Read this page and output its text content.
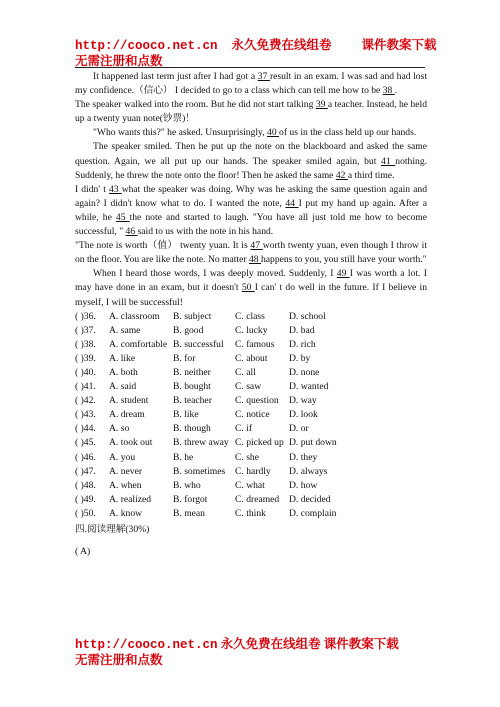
http://cooco.net.cn 永久免费在线组卷 课件教案下载
无需注册和点数

It happened last term just after I had got a 37 result in an exam. I was sad and had lost my confidence.（信心） I decided to go to a class which can tell me how to be 38 .

The speaker walked into the room. But he did not start talking 39 a teacher. Instead, he held up a twenty yuan note(钞票)！

"Who wants this?" he asked. Unsurprisingly, 40 of us in the class held up our hands.

The speaker smiled. Then he put up the note on the blackboard and asked the same question. Again, we all put up our hands. The speaker smiled again, but 41 nothing. Suddenly, he threw the note onto the floor! Then he asked the same 42 a third time.

I didn' t 43 what the speaker was doing. Why was he asking the same question again and again? I didn't know what to do. I wanted the note, 44 I put my hand up again. After a while, he 45 the note and started to laugh. "You have all just told me how to become successful, " 46 said to us with the note in his hand.

"The note is worth（值） twenty yuan. It is 47 worth twenty yuan, even though I throw it on the floor. You are like the note. No matter 48 happens to you, you still have your worth."

When I heard those words, I was deeply moved. Suddenly, I 49 I was worth a lot. I may have done in an exam, but it doesn't 50 I can' t do well in the future. If I believe in myself, I will be successful!

( )36.	A. classroom	B. subject	C. class	D. school
( )37.	A. same	B. good	C. lucky	D. bad
( )38.	A. comfortable B. successful	C. famous	D. rich
( )39.	A. like	B. for	C. about	D. by
( )40.	A. both	B. neither	C. all	D. none
( )41.	A. said	B. bought	C. saw	D. wanted
( )42.	A. student	B. teacher	C. question	D. way
( )43.	A. dream	B. like	C. notice	D. look
( )44.	A. so	B. though	C. if	D. or
( )45.	A. took out	B. threw away C. picked up D. put down
( )46.	A. you	B. he	C. she	D. they
( )47.	A. never	B. sometimes	C. hardly	D. always
( )48.	A. when	B. who	C. what	D. how
( )49.	A. realized	B. forgot	C. dreamed	D. decided
( )50.	A. know	B. mean	C. think	D. complain

四.阅读理解(30%)

( A)

http://cooco.net.cn 永久免费在线组卷 课件教案下载
无需注册和点数
